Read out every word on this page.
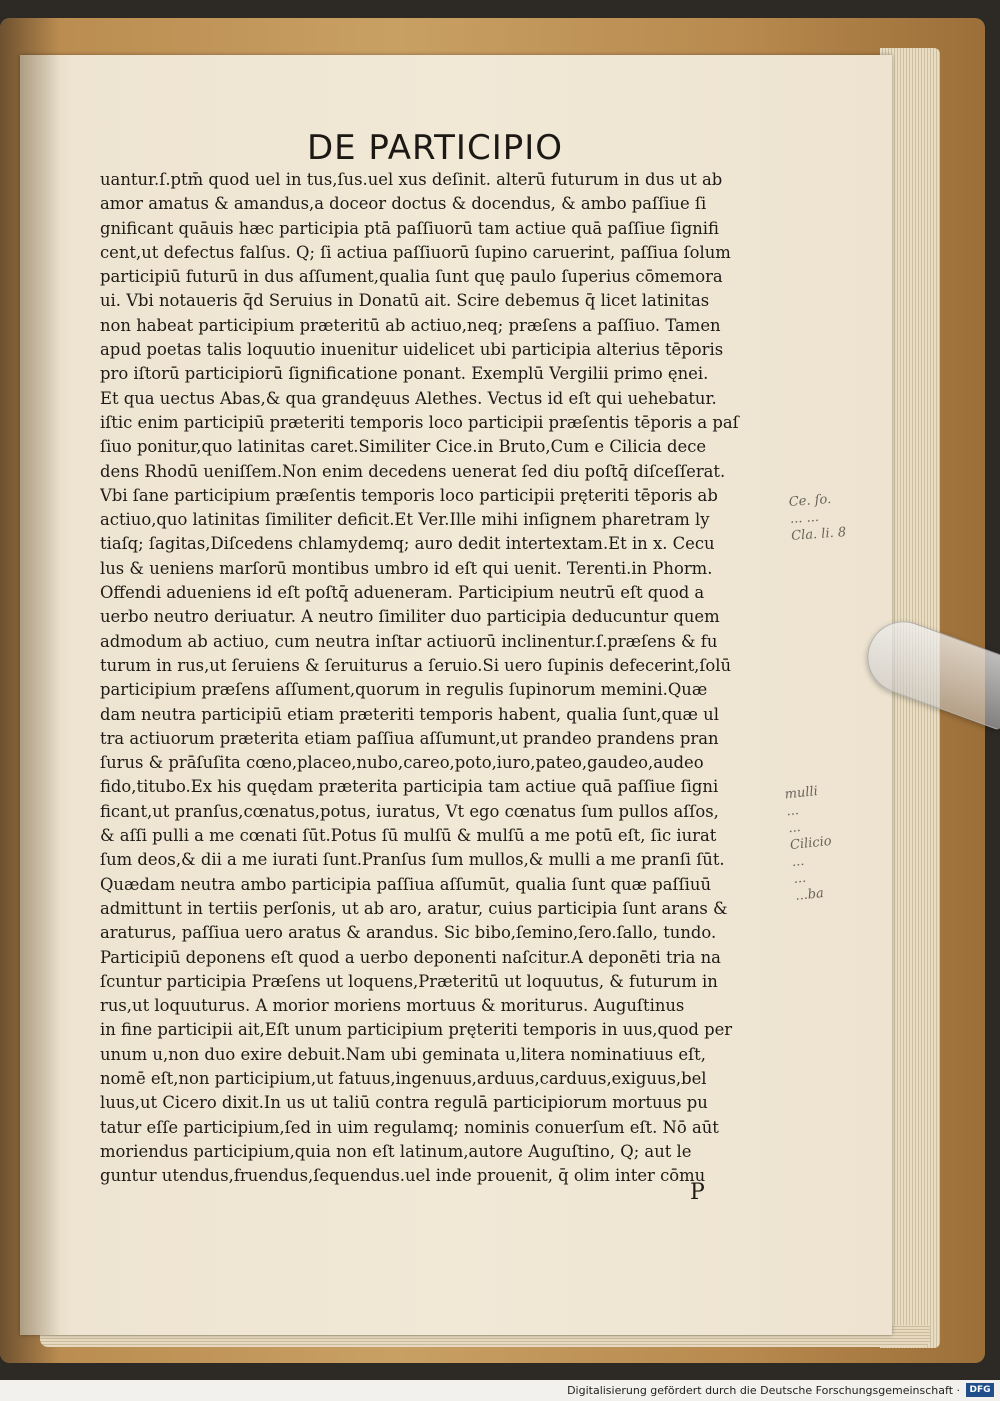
DE PARTICIPIO
uantur.ſ.ptm̄ quod uel in tus,ſus.uel xus deſinit. alterū futurum in dus ut ab
amor amatus & amandus,a doceor doctus & docendus, & ambo paſſiue ſi
gnificant quāuis hæc participia ptā paſſiuorū tam actiue quā paſſiue ſignifi
cent,ut defectus falſus. Q; ſi actiua paſſiuorū ſupino caruerint, paſſiua ſolum
participiū futurū in dus aſſument,qualia ſunt quę paulo ſuperius cōmemora
ui. Vbi notaueris q̄d Seruius in Donatū ait. Scire debemus q̄ licet latinitas
non habeat participium præteritū ab actiuo,neq; præſens a paſſiuo. Tamen
apud poetas talis loquutio inuenitur uidelicet ubi participia alterius tēporis
pro iſtorū participiorū ſignificatione ponant. Exemplū Vergilii primo ęnei.
Et qua uectus Abas,& qua grandęuus Alethes. Vectus id eſt qui uehebatur.
iſtic enim participiū præteriti temporis loco participii præſentis tēporis a paſ
ſiuo ponitur,quo latinitas caret.Similiter Cice.in Bruto,Cum e Cilicia dece
dens Rhodū ueniſſem.Non enim decedens uenerat ſed diu poſtq̄ diſceſſerat.
Vbi ſane participium præſentis temporis loco participii pręteriti tēporis ab
actiuo,quo latinitas ſimiliter deficit.Et Ver.Ille mihi inſignem pharetram ly
tiaſq; ſagitas,Diſcedens chlamydemq; auro dedit intertextam.Et in x. Cecu
lus & ueniens marſorū montibus umbro id eſt qui uenit. Terenti.in Phorm.
Offendi adueniens id eſt poſtq̄ adueneram. Participium neutrū eſt quod a
uerbo neutro deriuatur. A neutro ſimiliter duo participia deducuntur quem
admodum ab actiuo, cum neutra inſtar actiuorū inclinentur.ſ.præſens & fu
turum in rus,ut ſeruiens & ſeruiturus a ſeruio.Si uero ſupinis defecerint,ſolū
participium præſens aſſument,quorum in regulis ſupinorum memini.Quæ
dam neutra participiū etiam præteriti temporis habent, qualia ſunt,quæ ul
tra actiuorum præterita etiam paſſiua aſſumunt,ut prandeo prandens pran
ſurus & prāſuſita cœno,placeo,nubo,careo,poto,iuro,pateo,gaudeo,audeo
fido,titubo.Ex his quędam præterita participia tam actiue quā paſſiue ſigni
ficant,ut pranſus,cœnatus,potus, iuratus, Vt ego cœnatus ſum pullos aſſos,
& aſſi pulli a me cœnati ſūt.Potus ſū mulſū & mulſū a me potū eſt, ſic iurat
ſum deos,& dii a me iurati ſunt.Pranſus ſum mullos,& mulli a me pranſi ſūt.
Quædam neutra ambo participia paſſiua aſſumūt, qualia ſunt quæ paſſiuū
admittunt in tertiis perſonis, ut ab aro, aratur, cuius participia ſunt arans &
araturus, paſſiua uero aratus & arandus. Sic bibo,ſemino,ſero.ſallo, tundo.
Participiū deponens eſt quod a uerbo deponenti naſcitur.A deponēti tria na
ſcuntur participia Præſens ut loquens,Præteritū ut loquutus, & futurum in
rus,ut loquuturus. A morior moriens mortuus & moriturus. Auguſtinus
in fine participii ait,Eſt unum participium pręteriti temporis in uus,quod per
unum u,non duo exire debuit.Nam ubi geminata u,litera nominatiuus eſt,
nomē eſt,non participium,ut fatuus,ingenuus,arduus,carduus,exiguus,bel
luus,ut Cicero dixit.In us ut taliū contra regulā participiorum mortuus pu
tatur eſſe participium,ſed in uim regulamq; nominis conuerſum eſt. Nō aūt
moriendus participium,quia non eſt latinum,autore Auguſtino, Q; aut le
guntur utendus,fruendus,ſequendus.uel inde prouenit, q̄ olim inter cōmu
P
Ce. ſo.
... ...
Cla. li. 8
mulli
...
...
Cilicio
...
...
...ba
Digitalisierung gefördert durch die Deutsche Forschungsgemeinschaft ·	DFG
